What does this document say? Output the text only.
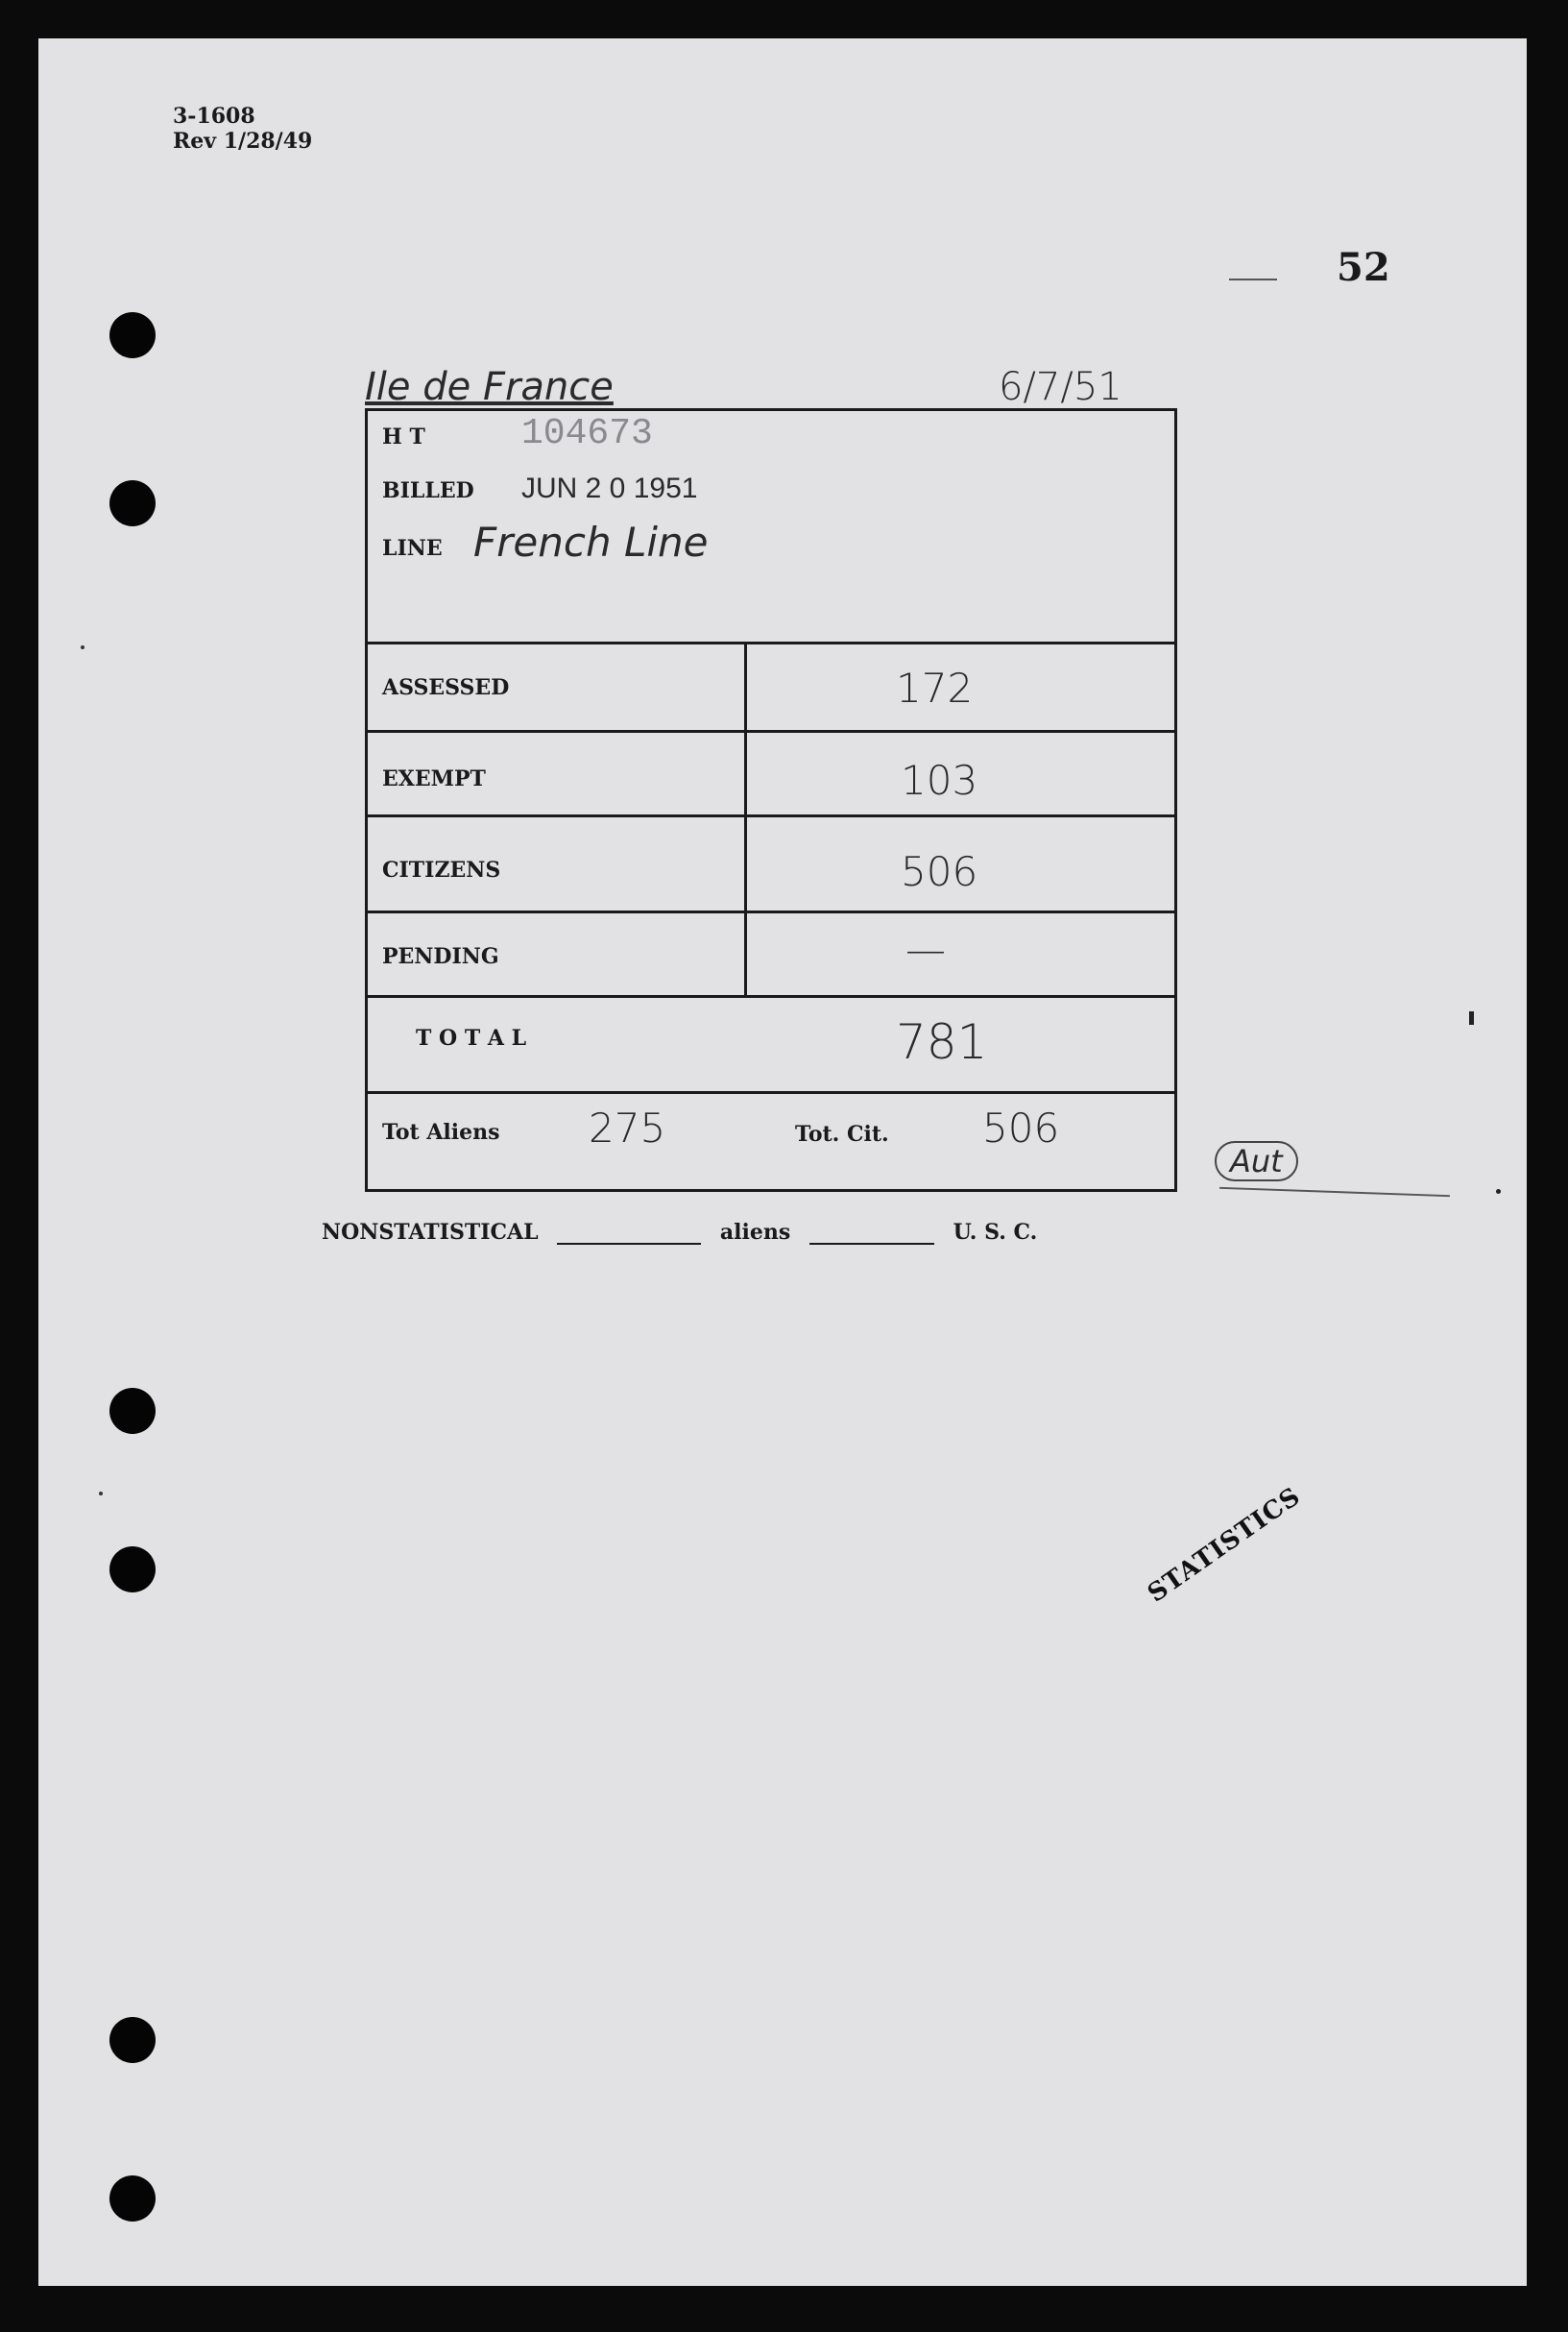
3-1608
Rev 1/28/49
52
Ile de France	6/7/51
H T	104673
BILLED JUN 2 0 1951
LINE French Line
ASSESSED	172
EXEMPT	103
CITIZENS	506
PENDING	—
T O T A L	781
Tot Aliens 275	Tot. Cit. 506
Aut
NONSTATISTICAL	aliens	U. S. C.
STATISTICS
